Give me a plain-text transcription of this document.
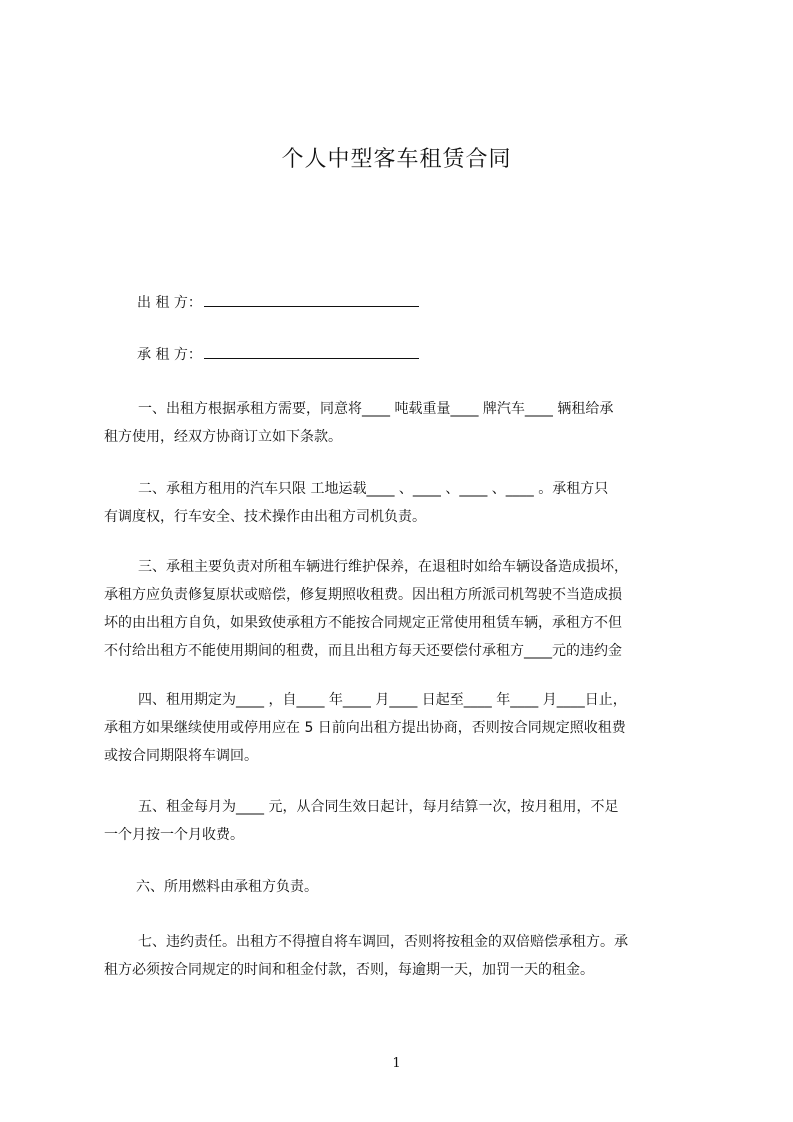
个人中型客车租赁合同
出 租 方：
承 租 方：
一、出租方根据承租方需要，同意将____ 吨载重量____ 牌汽车____ 辆租给承
租方使用，经双方协商订立如下条款。
二、承租方租用的汽车只限 工地运载____ 、____ 、____ 、____ 。承租方只
有调度权，行车安全、技术操作由出租方司机负责。
三、承租主要负责对所租车辆进行维护保养，在退租时如给车辆设备造成损坏，
承租方应负责修复原状或赔偿，修复期照收租费。因出租方所派司机驾驶不当造成损
坏的由出租方自负，如果致使承租方不能按合同规定正常使用租赁车辆，承租方不但
不付给出租方不能使用期间的租费，而且出租方每天还要偿付承租方____元的违约金
四、租用期定为____ ，自____ 年____ 月____ 日起至____ 年____ 月____日止，
承租方如果继续使用或停用应在 5 日前向出租方提出协商，否则按合同规定照收租费
或按合同期限将车调回。
五、租金每月为____ 元，从合同生效日起计，每月结算一次，按月租用，不足
一个月按一个月收费。
六、所用燃料由承租方负责。
七、违约责任。出租方不得擅自将车调回，否则将按租金的双倍赔偿承租方。承
租方必须按合同规定的时间和租金付款，否则，每逾期一天，加罚一天的租金。
1
